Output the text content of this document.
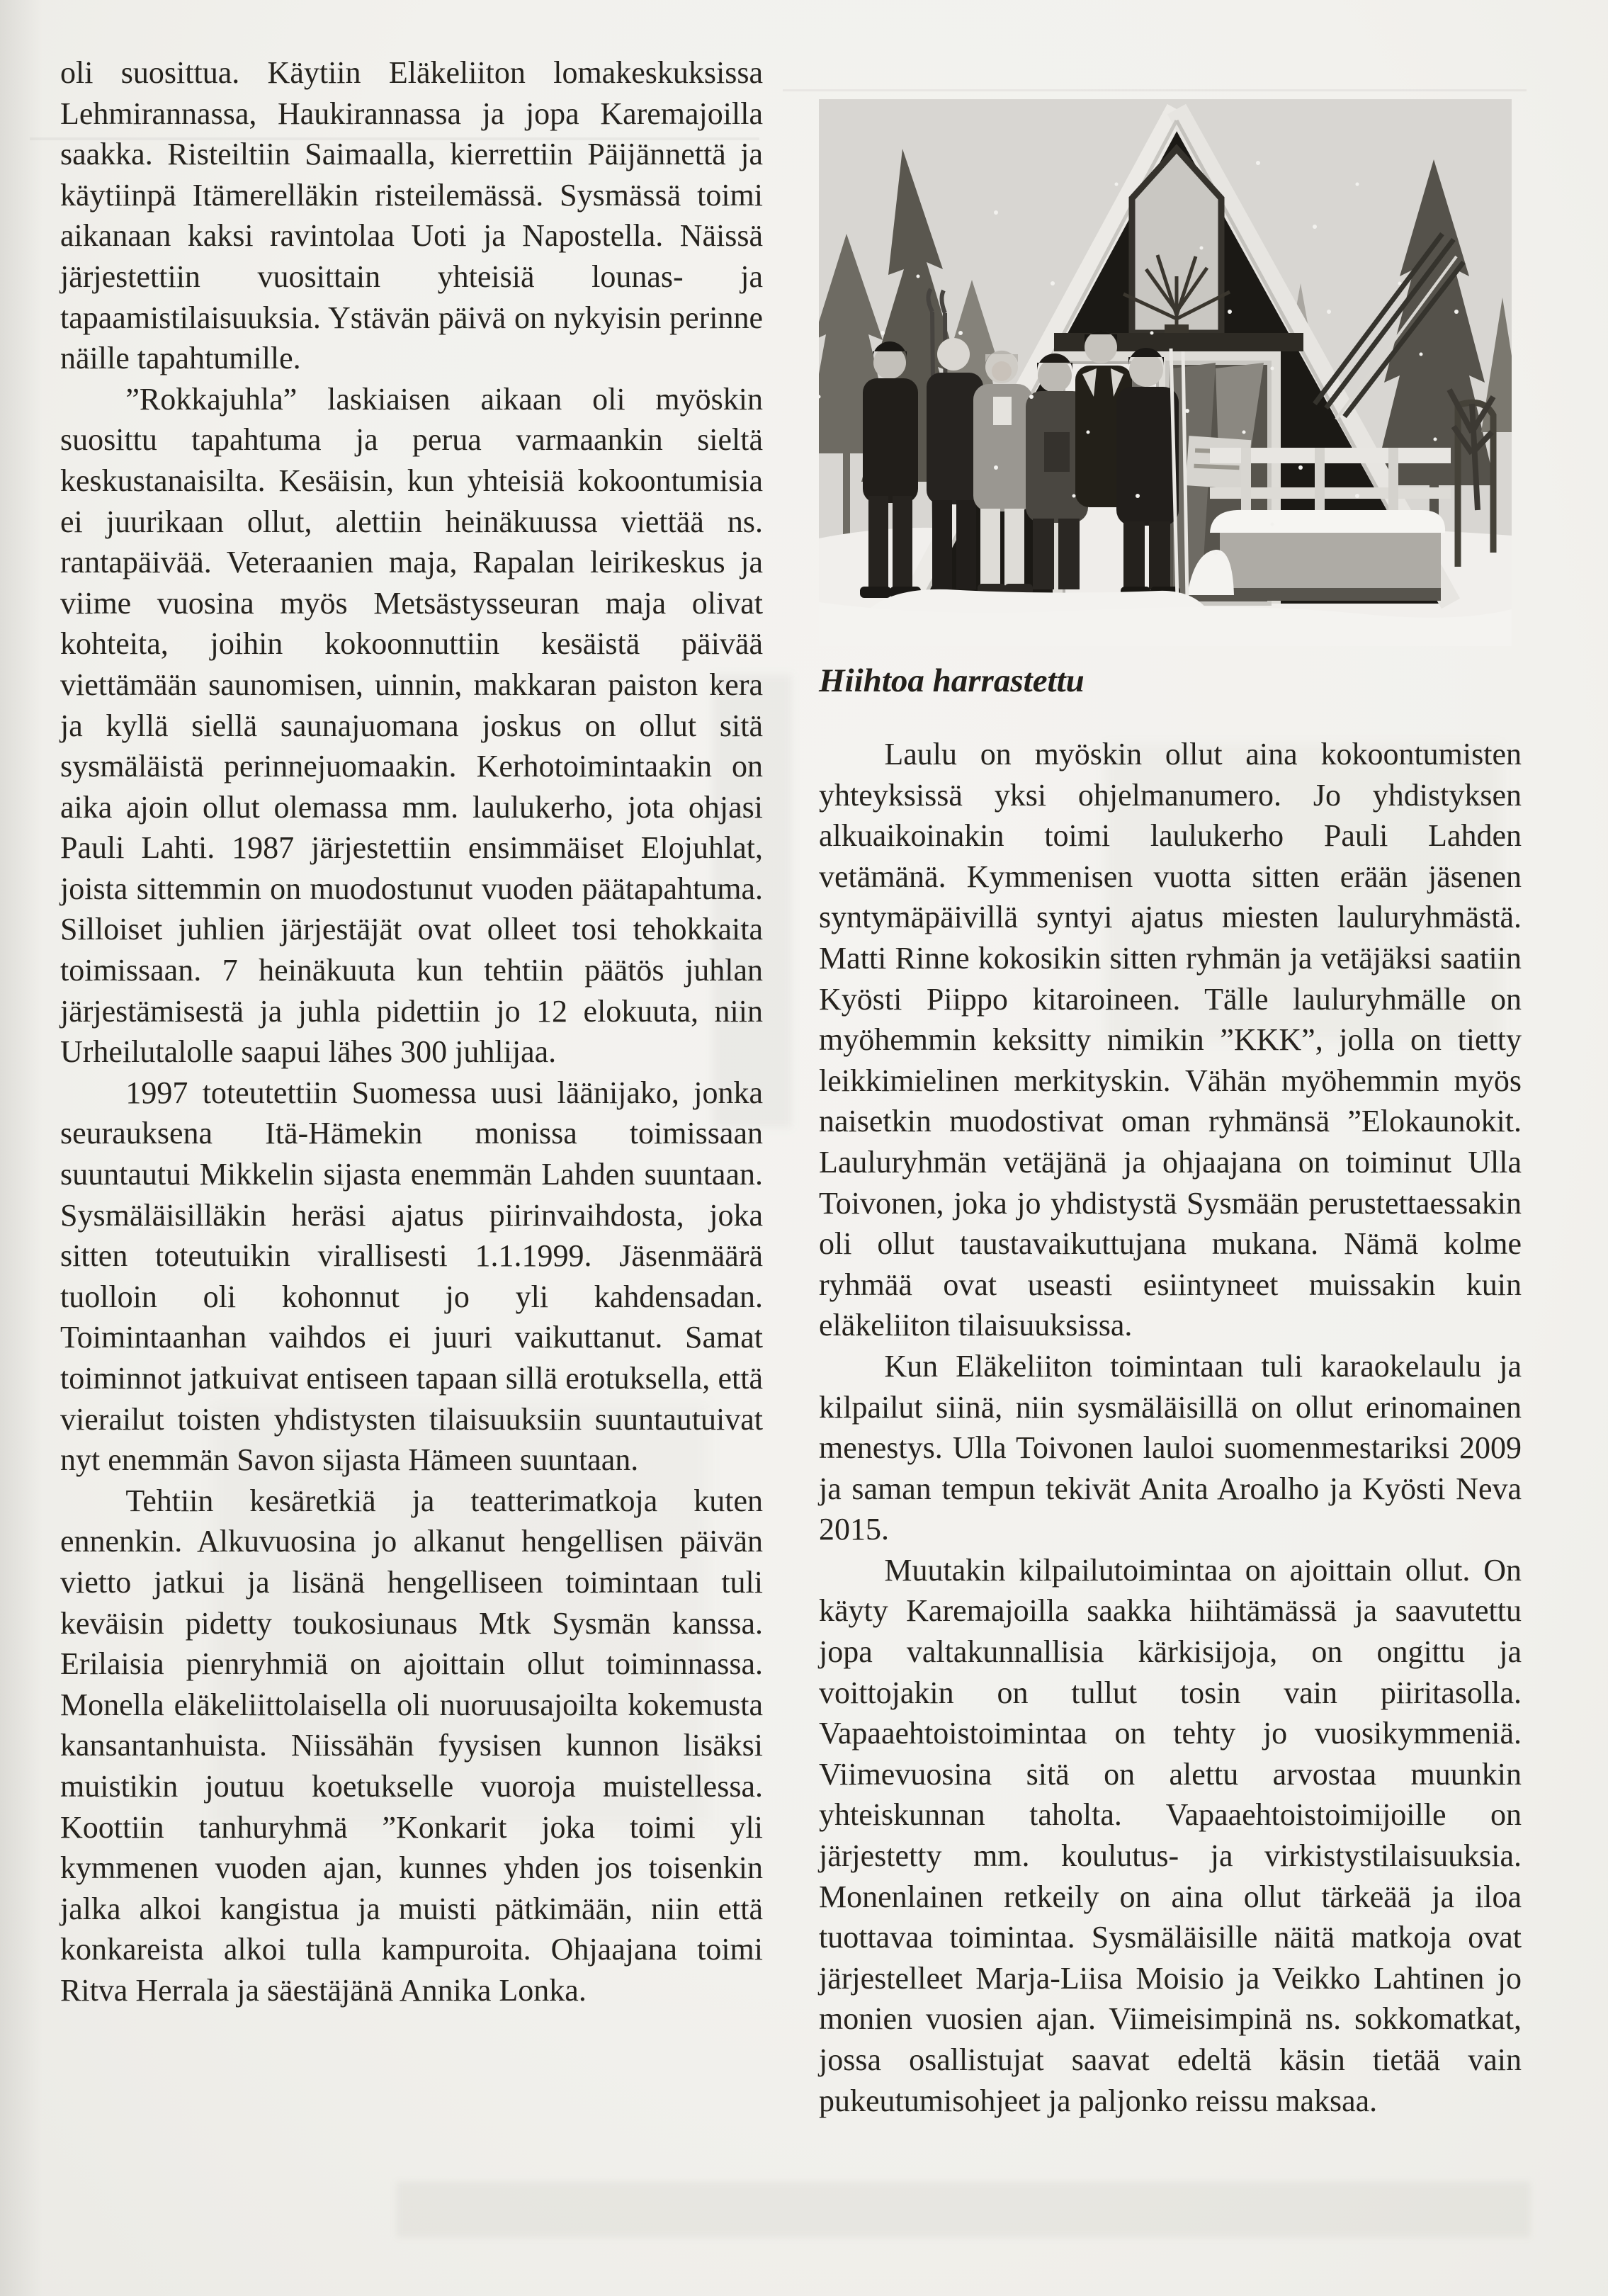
oli suosittua. Käytiin Eläkeliiton lomakeskuksissa Lehmirannassa, Haukirannassa ja jopa Karemajoilla saakka. Risteiltiin Saimaalla, kierrettiin Päijännettä ja käytiinpä Itämerelläkin risteilemässä. Sysmässä toimi aikanaan kaksi ravintolaa Uoti ja Napostella. Näissä järjestettiin vuosittain yhteisiä lounas- ja tapaamistilaisuuksia. Ystävän päivä on nykyisin perinne näille tapahtumille.

”Rokkajuhla” laskiaisen aikaan oli myöskin suosittu tapahtuma ja perua varmaankin sieltä keskustanaisilta. Kesäisin, kun yhteisiä kokoontumisia ei juurikaan ollut, alettiin heinäkuussa viettää ns. rantapäivää. Veteraanien maja, Rapalan leirikeskus ja viime vuosina myös Metsästysseuran maja olivat kohteita, joihin kokoonnuttiin kesäistä päivää viettämään saunomisen, uinnin, makkaran paiston kera ja kyllä siellä saunajuomana joskus on ollut sitä sysmäläistä perinnejuomaakin. Kerhotoimintaakin on aika ajoin ollut olemassa mm. laulukerho, jota ohjasi Pauli Lahti. 1987 järjestettiin ensimmäiset Elojuhlat, joista sittemmin on muodostunut vuoden päätapahtuma. Silloiset juhlien järjestäjät ovat olleet tosi tehokkaita toimissaan. 7 heinäkuuta kun tehtiin päätös juhlan järjestämisestä ja juhla pidettiin jo 12 elokuuta, niin Urheilutalolle saapui lähes 300 juhlijaa.

1997 toteutettiin Suomessa uusi läänijako, jonka seurauksena Itä-Hämekin monissa toimissaan suuntautui Mikkelin sijasta enemmän Lahden suuntaan. Sysmäläisilläkin heräsi ajatus piirinvaihdosta, joka sitten toteutuikin virallisesti 1.1.1999. Jäsenmäärä tuolloin oli kohonnut jo yli kahdensadan. Toimintaanhan vaihdos ei juuri vaikuttanut. Samat toiminnot jatkuivat entiseen tapaan sillä erotuksella, että vierailut toisten yhdistysten tilaisuuksiin suuntautuivat nyt enemmän Savon sijasta Hämeen suuntaan.

Tehtiin kesäretkiä ja teatterimatkoja kuten ennenkin. Alkuvuosina jo alkanut hengellisen päivän vietto jatkui ja lisänä hengelliseen toimintaan tuli keväisin pidetty toukosiunaus Mtk Sysmän kanssa. Erilaisia pienryhmiä on ajoittain ollut toiminnassa. Monella eläkeliittolaisella oli nuoruusajoilta kokemusta kansantanhuista. Niissähän fyysisen kunnon lisäksi muistikin joutuu koetukselle vuoroja muistellessa. Koottiin tanhuryhmä ”Konkarit joka toimi yli kymmenen vuoden ajan, kunnes yhden jos toisenkin jalka alkoi kangistua ja muisti pätkimään, niin että konkareista alkoi tulla kampuroita. Ohjaajana toimi Ritva Herrala ja säestäjänä Annika Lonka.

Hiihtoa harrastettu

Laulu on myöskin ollut aina kokoontumisten yhteyksissä yksi ohjelmanumero. Jo yhdistyksen alkuaikoinakin toimi laulukerho Pauli Lahden vetämänä. Kymmenisen vuotta sitten erään jäsenen syntymäpäivillä syntyi ajatus miesten lauluryhmästä. Matti Rinne kokosikin sitten ryhmän ja vetäjäksi saatiin Kyösti Piippo kitaroineen. Tälle lauluryhmälle on myöhemmin keksitty nimikin ”KKK”, jolla on tietty leikkimielinen merkityskin. Vähän myöhemmin myös naisetkin muodostivat oman ryhmänsä ”Elokaunokit. Lauluryhmän vetäjänä ja ohjaajana on toiminut Ulla Toivonen, joka jo yhdistystä Sysmään perustettaessakin oli ollut taustavaikuttujana mukana. Nämä kolme ryhmää ovat useasti esiintyneet muissakin kuin eläkeliiton tilaisuuksissa.

Kun Eläkeliiton toimintaan tuli karaokelaulu ja kilpailut siinä, niin sysmäläisillä on ollut erinomainen menestys. Ulla Toivonen lauloi suomenmestariksi 2009 ja saman tempun tekivät Anita Aroalho ja Kyösti Neva 2015.

Muutakin kilpailutoimintaa on ajoittain ollut. On käyty Karemajoilla saakka hiihtämässä ja saavutettu jopa valtakunnallisia kärkisijoja, on ongittu ja voittojakin on tullut tosin vain piiritasolla. Vapaaehtoistoimintaa on tehty jo vuosikymmeniä. Viimevuosina sitä on alettu arvostaa muunkin yhteiskunnan taholta. Vapaaehtoistoimijoille on järjestetty mm. koulutus- ja virkistystilaisuuksia. Monenlainen retkeily on aina ollut tärkeää ja iloa tuottavaa toimintaa. Sysmäläisille näitä matkoja ovat järjestelleet Marja-Liisa Moisio ja Veikko Lahtinen jo monien vuosien ajan. Viimeisimpinä ns. sokkomatkat, jossa osallistujat saavat edeltä käsin tietää vain pukeutumisohjeet ja paljonko reissu maksaa.
